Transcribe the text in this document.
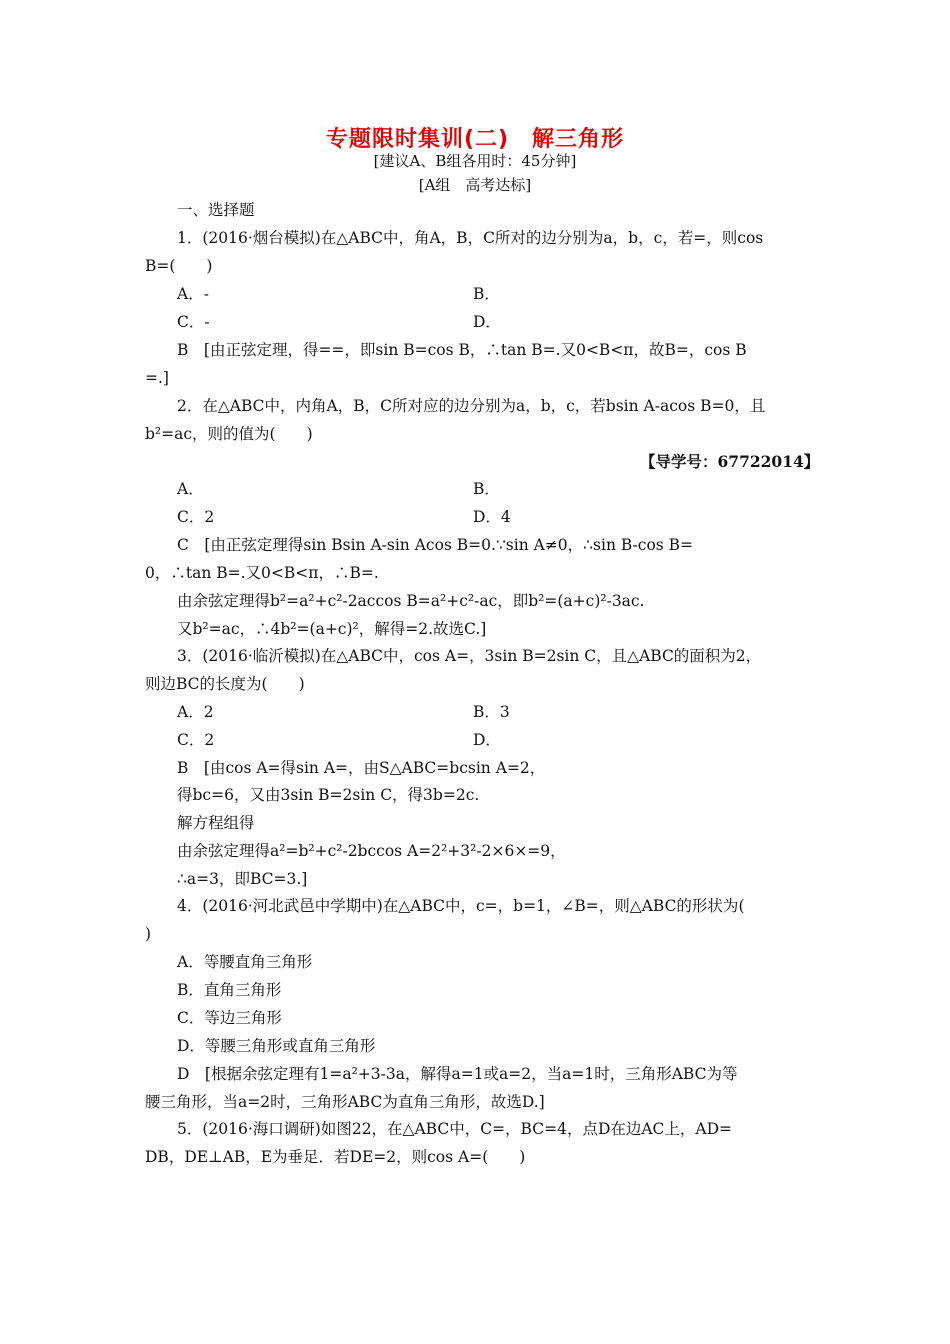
专题限时集训(二)　解三角形
[建议A、B组各用时：45分钟]
[A组　高考达标]
一、选择题
1．(2016·烟台模拟)在△ABC中，角A，B，C所对的边分别为a，b，c，若=，则cos
B=(　　)
A．-	B．
C．-	D．
B　[由正弦定理，得==，即sin B=cos B，∴tan B=.又0<B<π，故B=，cos B
=.]
2．在△ABC中，内角A，B，C所对应的边分别为a，b，c，若bsin A-acos B=0，且
b²=ac，则的值为(　　)
【导学号：67722014】
A．	B．
C．2	D．4
C　[由正弦定理得sin Bsin A-sin Acos B=0.∵sin A≠0，∴sin B-cos B=
0，∴tan B=.又0<B<π，∴B=.
由余弦定理得b²=a²+c²-2accos B=a²+c²-ac，即b²=(a+c)²-3ac.
又b²=ac，∴4b²=(a+c)²，解得=2.故选C.]
3．(2016·临沂模拟)在△ABC中，cos A=，3sin B=2sin C，且△ABC的面积为2，
则边BC的长度为(　　)
A．2	B．3
C．2	D．
B　[由cos A=得sin A=，由S△ABC=bcsin A=2，
得bc=6，又由3sin B=2sin C，得3b=2c.
解方程组得
由余弦定理得a²=b²+c²-2bccos A=2²+3²-2×6×=9，
∴a=3，即BC=3.]
4．(2016·河北武邑中学期中)在△ABC中，c=，b=1，∠B=，则△ABC的形状为(
)
A．等腰直角三角形
B．直角三角形
C．等边三角形
D．等腰三角形或直角三角形
D　[根据余弦定理有1=a²+3-3a，解得a=1或a=2，当a=1时，三角形ABC为等
腰三角形，当a=2时，三角形ABC为直角三角形，故选D.]
5．(2016·海口调研)如图22，在△ABC中，C=，BC=4，点D在边AC上，AD=
DB，DE⊥AB，E为垂足．若DE=2，则cos A=(　　)
